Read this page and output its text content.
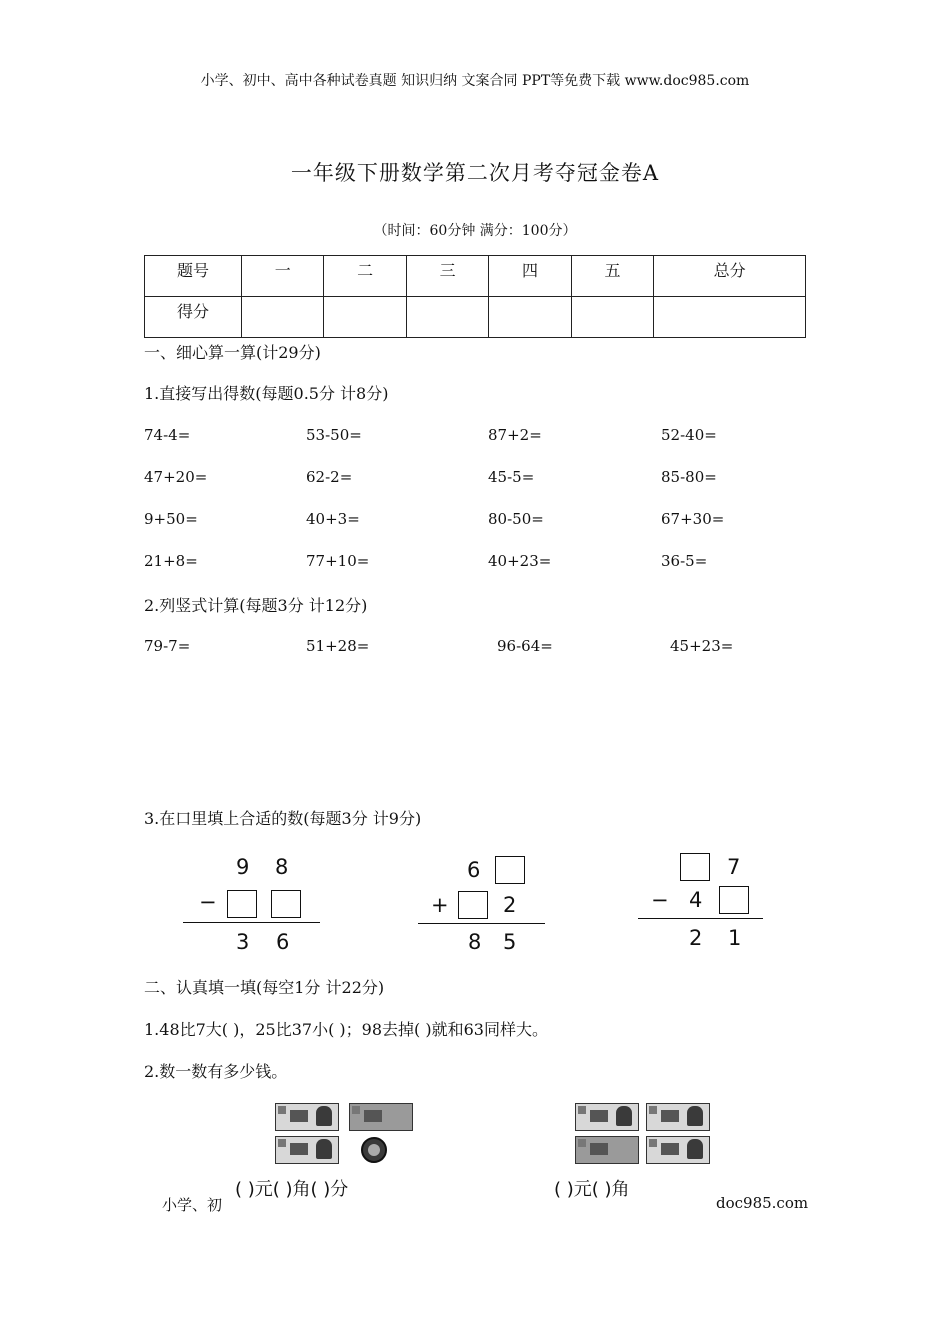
小学、初中、高中各种试卷真题 知识归纳 文案合同 PPT等免费下载 www.doc985.com
一年级下册数学第二次月考夺冠金卷A
（时间：60分钟 满分：100分）
题号	一	二	三	四	五	总分
得分						
一、细心算一算(计29分)
1.直接写出得数(每题0.5分 计8分)
74-4=	53-50=	87+2=	52-40=
47+20=	62-2=	45-5=	85-80=
9+50=	40+3=	80-50=	67+30=
21+8=	77+10=	40+23=	36-5=
2.列竖式计算(每题3分 计12分)
79-7=	51+28=	96-64=	45+23=
3.在口里填上合适的数(每题3分 计9分)
9 8
−
3 6
6
+	2
8 5
7
− 4
2 1
二、认真填一填(每空1分 计22分)
1.48比7大( )，25比37小( )；98去掉( )就和63同样大。
2.数一数有多少钱。
小学、初	doc985.com
( )元( )角( )分	( )元( )角
